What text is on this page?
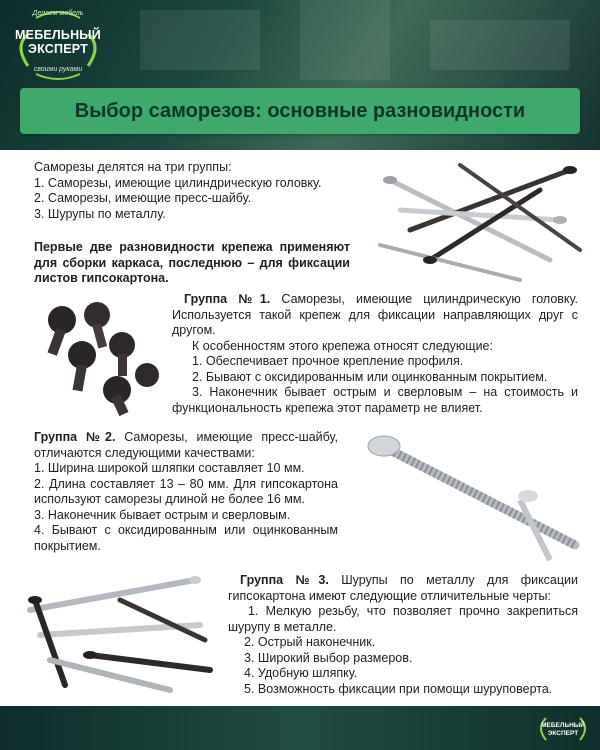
Делаем мебель
МЕБЕЛЬНЫЙ
ЭКСПЕРТ
своими руками
Выбор саморезов: основные разновидности

Саморезы делятся на три группы:

1. Саморезы, имеющие цилиндрическую головку.

2. Саморезы, имеющие пресс-шайбу.

3. Шурупы по металлу.

Первые две разновидности крепежа применяют для сборки каркаса, последнюю – для фиксации листов гипсокартона.

Группа №1. Саморезы, имеющие цилиндрическую головку. Используется такой крепеж для фиксации направляющих друг с другом.

К особенностям этого крепежа относят следующие:

1. Обеспечивает прочное крепление профиля.

2. Бывают с оксидированным или оцинкованным покрытием.

3. Наконечник бывает острым и сверловым – на стоимость и функциональность крепежа этот параметр не влияет.

Группа №2. Саморезы, имеющие пресс-шайбу, отличаются следующими качествами:

1. Ширина широкой шляпки составляет 10 мм.

2. Длина составляет 13 – 80 мм. Для гипсокартона используют саморезы длиной не более 16 мм.

3. Наконечник бывает острым и сверловым.

4. Бывают с оксидированным или оцинкованным покрытием.

Группа №3. Шурупы по металлу для фиксации гипсокартона имеют следующие отличительные черты:

1. Мелкую резьбу, что позволяет прочно закрепиться шурупу в металле.

2. Острый наконечник.

3. Широкий выбор размеров.

4. Удобную шляпку.

5. Возможность фиксации при помощи шуруповерта.

МЕБЕЛЬНЫЙ
ЭКСПЕРТ
